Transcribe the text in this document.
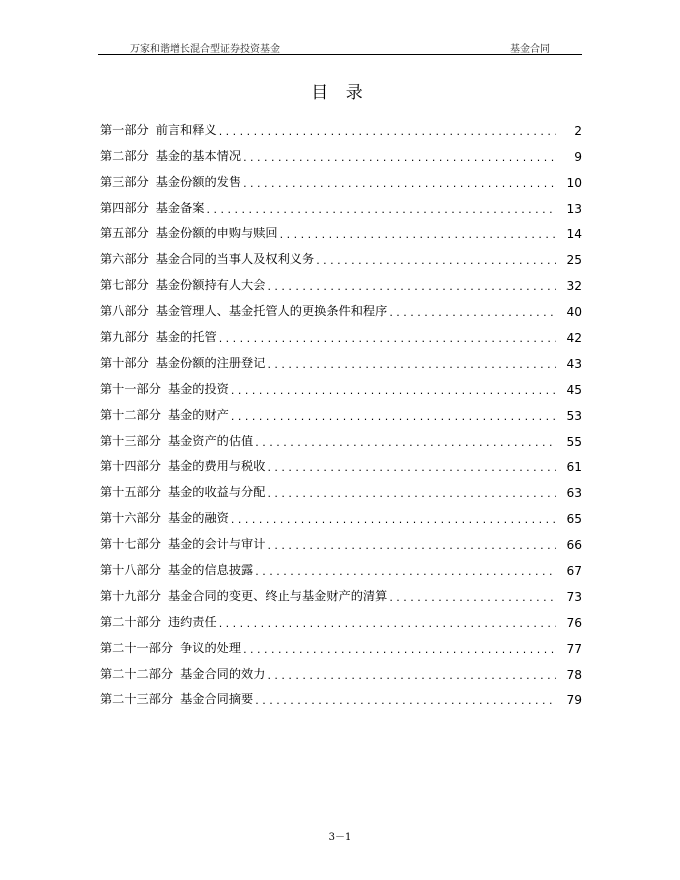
万家和谐增长混合型证券投资基金	基金合同
目 录
第一部分 前言和释义 . . .	2
第二部分 基金的基本情况 . . .	9
第三部分 基金份额的发售 . . .	10
第四部分 基金备案 . . .	13
第五部分 基金份额的申购与赎回 . . .	14
第六部分 基金合同的当事人及权利义务 . . .	25
第七部分 基金份额持有人大会 . . .	32
第八部分 基金管理人、基金托管人的更换条件和程序 . . .	40
第九部分 基金的托管 . . .	42
第十部分 基金份额的注册登记 . . .	43
第十一部分 基金的投资 . . .	45
第十二部分 基金的财产 . . .	53
第十三部分 基金资产的估值 . . .	55
第十四部分 基金的费用与税收 . . .	61
第十五部分 基金的收益与分配 . . .	63
第十六部分 基金的融资 . . .	65
第十七部分 基金的会计与审计 . . .	66
第十八部分 基金的信息披露 . . .	67
第十九部分 基金合同的变更、终止与基金财产的清算 . . .	73
第二十部分 违约责任 . . .	76
第二十一部分 争议的处理 . . .	77
第二十二部分 基金合同的效力 . . .	78
第二十三部分 基金合同摘要 . . .	79
3－1
